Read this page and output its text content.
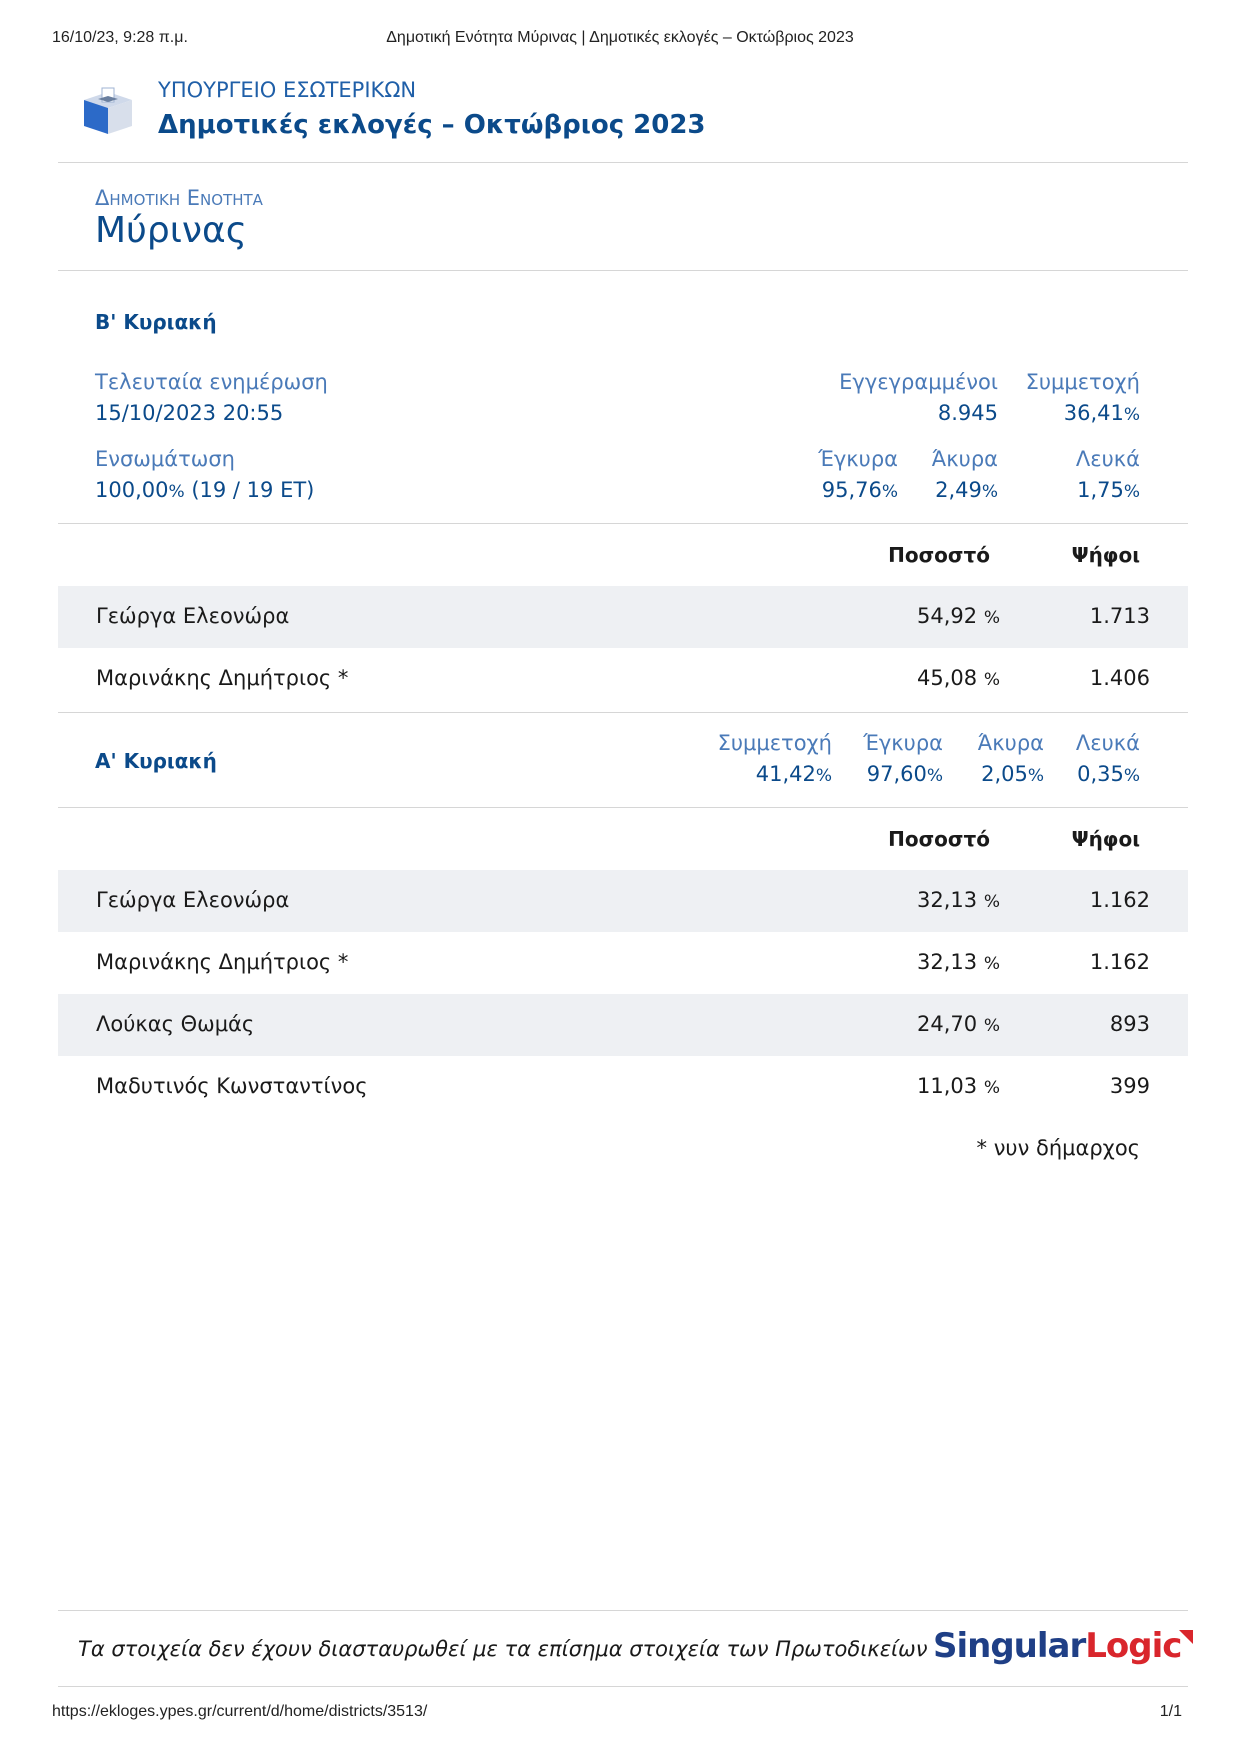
16/10/23, 9:28 π.μ.	Δημοτική Ενότητα Μύρινας | Δημοτικές εκλογές – Οκτώβριος 2023
ΥΠΟΥΡΓΕΙΟ ΕΣΩΤΕΡΙΚΩΝ
Δημοτικές εκλογές – Οκτώβριος 2023
Δημοτικη Ενοτητα
Μύρινας
Β' Κυριακή
Τελευταία ενημέρωση
15/10/2023 20:55
Εγγεγραμμένοι
8.945
Συμμετοχή
36,41%
Ενσωμάτωση
100,00% (19 / 19 ΕΤ)
Έγκυρα
95,76%
Άκυρα
2,49%
Λευκά
1,75%
Ποσοστό	Ψήφοι
Γεώργα Ελεονώρα	54,92 %	1.713
Μαρινάκης Δημήτριος *	45,08 %	1.406
Α' Κυριακή
Συμμετοχή
41,42%
Έγκυρα
97,60%
Άκυρα
2,05%
Λευκά
0,35%
Ποσοστό	Ψήφοι
Γεώργα Ελεονώρα	32,13 %	1.162
Μαρινάκης Δημήτριος *	32,13 %	1.162
Λούκας Θωμάς	24,70 %	893
Μαδυτινός Κωνσταντίνος	11,03 %	399
* νυν δήμαρχος
Τα στοιχεία δεν έχουν διασταυρωθεί με τα επίσημα στοιχεία των Πρωτοδικείων SingularLogic
https://ekloges.ypes.gr/current/d/home/districts/3513/	1/1
